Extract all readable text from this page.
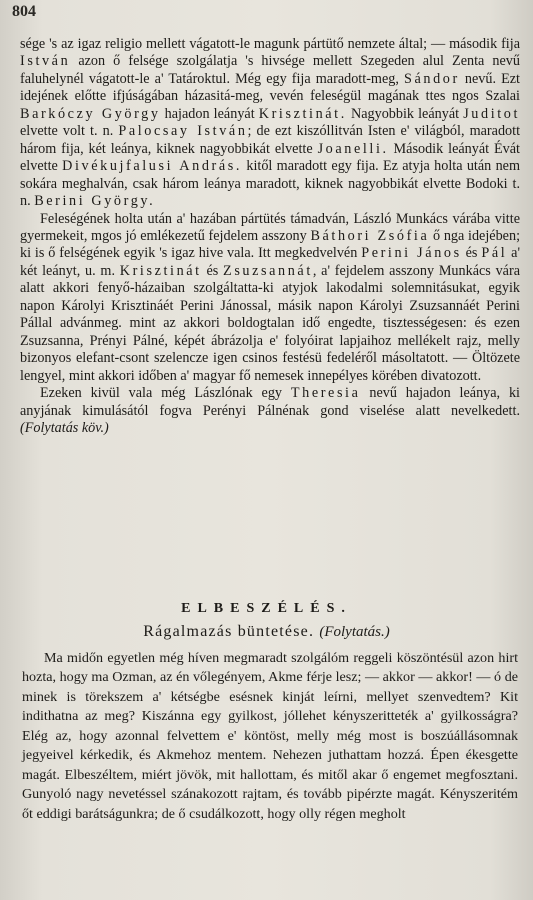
804

sége 's az igaz religio mellett vágatott-le magunk pártütő nemzete által; — második fija István azon ő felsége szolgálatja 's hivsége mellett Szegeden alul Zenta nevű faluhelynél vágatott-le a' Tatároktul. Még egy fija maradott-meg, Sándor nevű. Ezt idejének előtte ifjúságában házasitá-meg, vevén feleségül magának ttes ngos Szalai Barkóczy György hajadon leányát Krisztinát. Nagyobbik leányát Juditot elvette volt t. n. Palocsay István; de ezt kiszóllitván Isten e' világból, maradott három fija, két leánya, kiknek nagyobbikát elvette Joanelli. Második leányát Évát elvette Divékujfalusi András. kitől maradott egy fija. Ez atyja holta után nem sokára meghalván, csak három leánya maradott, kiknek nagyobbikát elvette Bodoki t. n. Berini György.

Feleségének holta után a' hazában pártütés támadván, László Munkács várába vitte gyermekeit, mgos jó emlékezetű fejdelem asszony Báthori Zsófia ő nga idejében; ki is ő felségének egyik 's igaz hive vala. Itt megkedvelvén Perini János és Pál a' két leányt, u. m. Krisztinát és Zsuzsannát, a' fejdelem asszony Munkács vára alatt akkori fenyő-házaiban szolgáltatta-ki atyjok lakodalmi solemnitásukat, egyik napon Károlyi Krisztináét Perini Jánossal, másik napon Károlyi Zsuzsannáét Perini Pállal advánmeg. mint az akkori boldogtalan idő engedte, tisztességesen: és ezen Zsuzsanna, Prényi Pálné, képét ábrázolja e' folyóirat lapjaihoz mellékelt rajz, melly bizonyos elefant-csont szelencze igen csinos festésü fedeléről másoltatott. — Öltözete lengyel, mint akkori időben a' magyar fő nemesek innepélyes körében divatozott.

Ezeken kivül vala még Lászlónak egy Theresia nevű hajadon leánya, ki anyjának kimulásától fogva Perényi Pálnénak gond viselése alatt nevelkedett. (Folytatás köv.)

ELBESZÉLÉS.
Rágalmazás büntetése. (Folytatás.)

Ma midőn egyetlen még híven megmaradt szolgálóm reggeli köszöntésül azon hirt hozta, hogy ma Ozman, az én vőlegényem, Akme férje lesz; — akkor — akkor! — ó de minek is törekszem a' kétségbe esésnek kinját leírni, mellyet szenvedtem? Kit indithatna az meg? Kiszánna egy gyilkost, jóllehet kényszeritteték a' gyilkosságra? Elég az, hogy azonnal felvettem e' köntöst, melly még most is boszúállásomnak jegyeivel kérkedik, és Akmehoz mentem. Nehezen juthattam hozzá. Épen ékesgette magát. Elbeszéltem, miért jövök, mit hallottam, és mitől akar ő engemet megfosztani. Gunyoló nagy nevetéssel szánakozott rajtam, és tovább pipérzte magát. Kényszeritém őt eddigi barátságunkra; de ő csudálkozott, hogy olly régen megholt
